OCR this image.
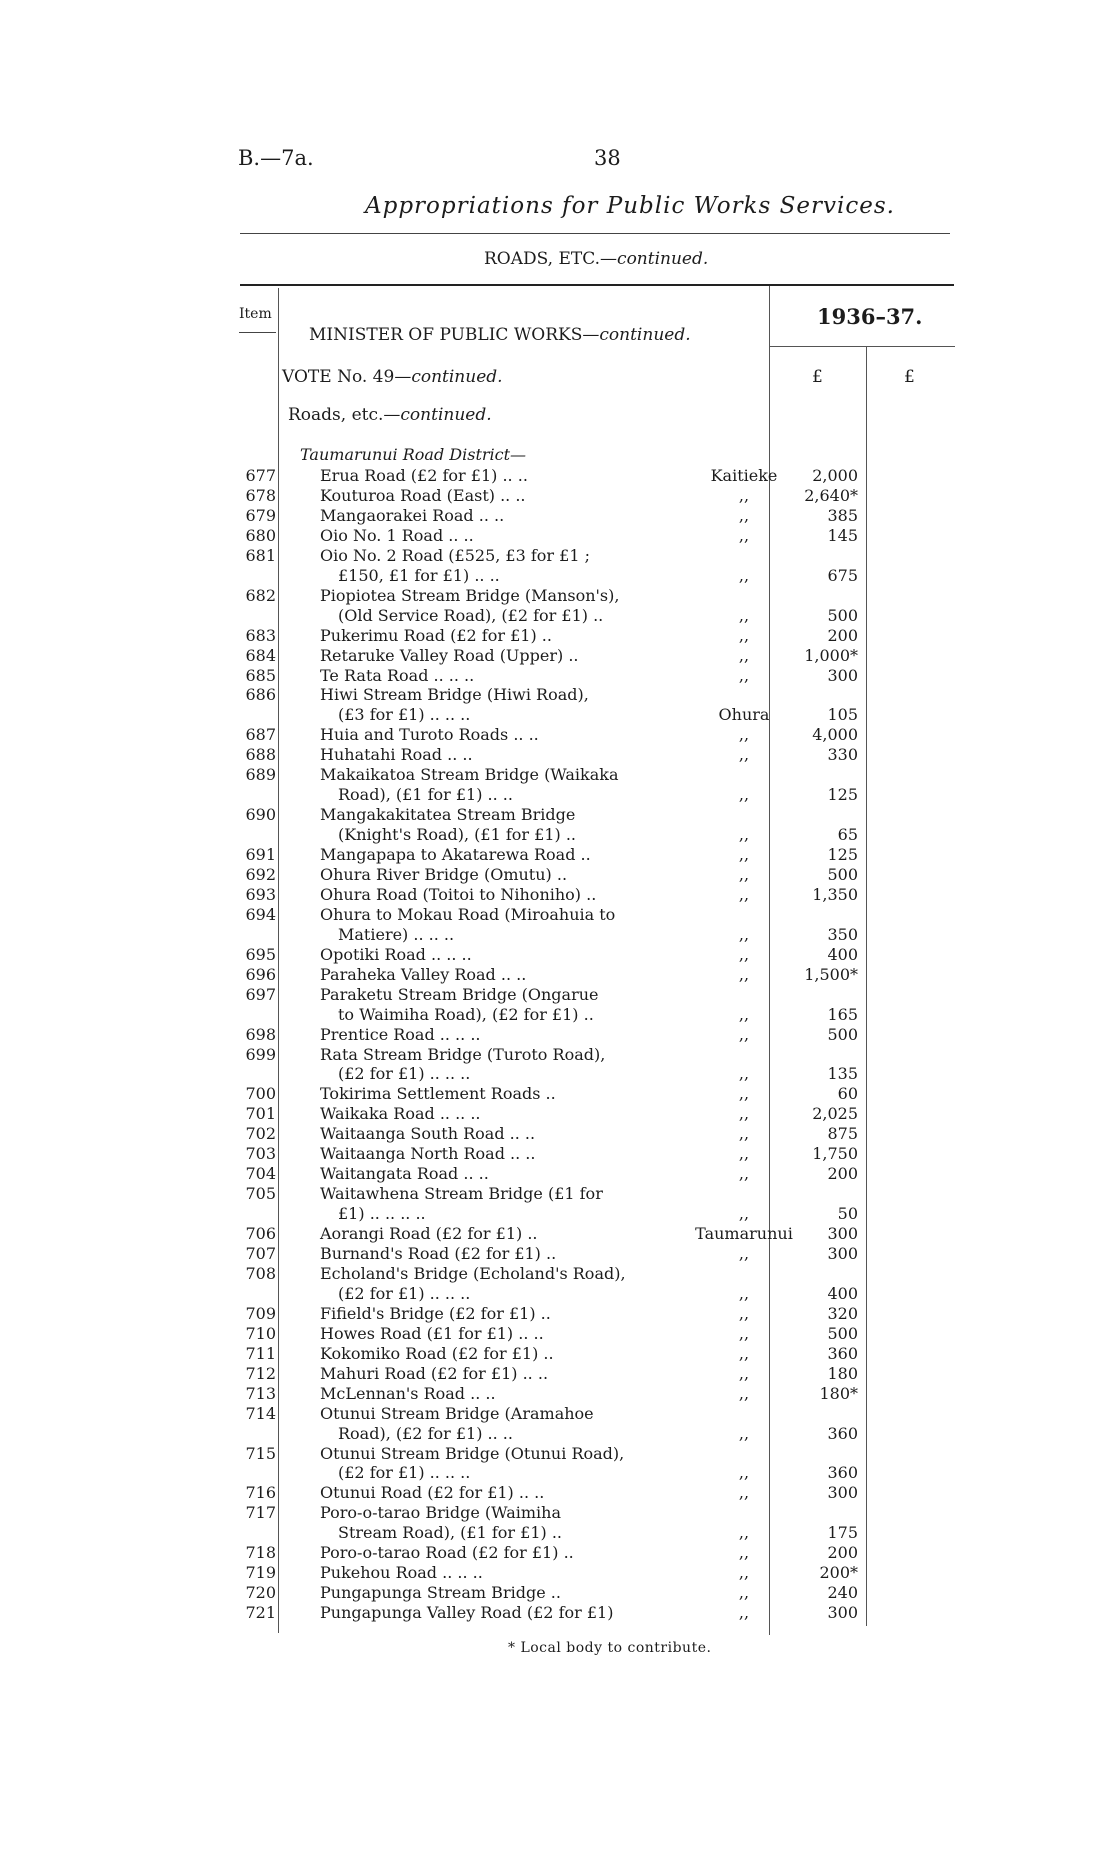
B.—7a.	38
Appropriations for Public Works Services.
ROADS, ETC.—continued.
Item
MINISTER OF PUBLIC WORKS—continued.
1936–37.
VOTE No. 49—continued.	£	£
Roads, etc.—continued.
Taumarunui Road District—
677	Erua Road (£2 for £1) .. ..	Kaitieke	2,000
678	Kouturoa Road (East) .. ..	,,	2,640*
679	Mangaorakei Road .. ..	,,	385
680	Oio No. 1 Road .. ..	,,	145
681	Oio No. 2 Road (£525, £3 for £1 ;
£150, £1 for £1) .. ..	,,	675
682	Piopiotea Stream Bridge (Manson's),
(Old Service Road), (£2 for £1) ..	,,	500
683	Pukerimu Road (£2 for £1) ..	,,	200
684	Retaruke Valley Road (Upper) ..	,,	1,000*
685	Te Rata Road .. .. ..	,,	300
686	Hiwi Stream Bridge (Hiwi Road),
(£3 for £1) .. .. ..	Ohura	105
687	Huia and Turoto Roads .. ..	,,	4,000
688	Huhatahi Road .. ..	,,	330
689	Makaikatoa Stream Bridge (Waikaka
Road), (£1 for £1) .. ..	,,	125
690	Mangakakitatea Stream Bridge
(Knight's Road), (£1 for £1) ..	,,	65
691	Mangapapa to Akatarewa Road ..	,,	125
692	Ohura River Bridge (Omutu) ..	,,	500
693	Ohura Road (Toitoi to Nihoniho) ..	,,	1,350
694	Ohura to Mokau Road (Miroahuia to
Matiere) .. .. ..	,,	350
695	Opotiki Road .. .. ..	,,	400
696	Paraheka Valley Road .. ..	,,	1,500*
697	Paraketu Stream Bridge (Ongarue
to Waimiha Road), (£2 for £1) ..	,,	165
698	Prentice Road .. .. ..	,,	500
699	Rata Stream Bridge (Turoto Road),
(£2 for £1) .. .. ..	,,	135
700	Tokirima Settlement Roads ..	,,	60
701	Waikaka Road .. .. ..	,,	2,025
702	Waitaanga South Road .. ..	,,	875
703	Waitaanga North Road .. ..	,,	1,750
704	Waitangata Road .. ..	,,	200
705	Waitawhena Stream Bridge (£1 for
£1) .. .. .. ..	,,	50
706	Aorangi Road (£2 for £1) ..	Taumarunui	300
707	Burnand's Road (£2 for £1) ..	,,	300
708	Echoland's Bridge (Echoland's Road),
(£2 for £1) .. .. ..	,,	400
709	Fifield's Bridge (£2 for £1) ..	,,	320
710	Howes Road (£1 for £1) .. ..	,,	500
711	Kokomiko Road (£2 for £1) ..	,,	360
712	Mahuri Road (£2 for £1) .. ..	,,	180
713	McLennan's Road .. ..	,,	180*
714	Otunui Stream Bridge (Aramahoe
Road), (£2 for £1) .. ..	,,	360
715	Otunui Stream Bridge (Otunui Road),
(£2 for £1) .. .. ..	,,	360
716	Otunui Road (£2 for £1) .. ..	,,	300
717	Poro-o-tarao Bridge (Waimiha
Stream Road), (£1 for £1) ..	,,	175
718	Poro-o-tarao Road (£2 for £1) ..	,,	200
719	Pukehou Road .. .. ..	,,	200*
720	Pungapunga Stream Bridge ..	,,	240
721	Pungapunga Valley Road (£2 for £1)	,,	300
* Local body to contribute.
